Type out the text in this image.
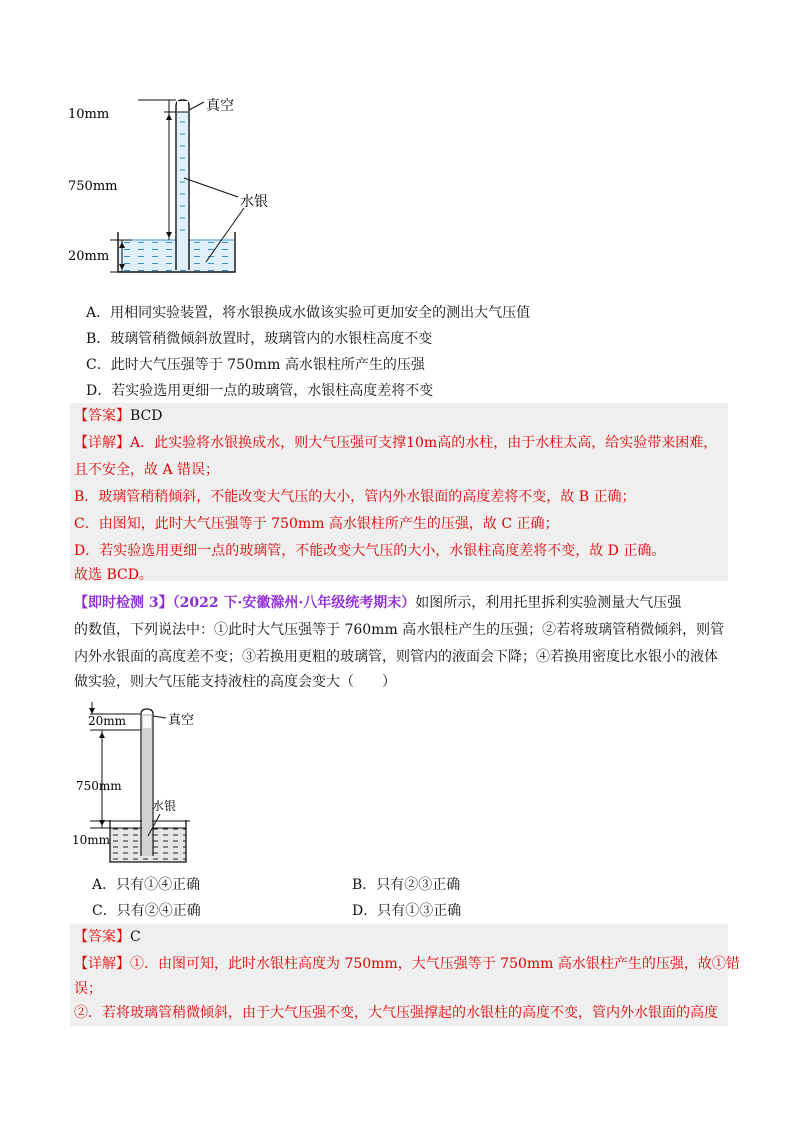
10mm
真空
750mm
水银
20mm
A．用相同实验装置，将水银换成水做该实验可更加安全的测出大气压值
B．玻璃管稍微倾斜放置时，玻璃管内的水银柱高度不变
C．此时大气压强等于 750mm 高水银柱所产生的压强
D．若实验选用更细一点的玻璃管，水银柱高度差将不变
【答案】BCD
【详解】A．此实验将水银换成水，则大气压强可支撑10m高的水柱，由于水柱太高，给实验带来困难，
且不安全，故 A 错误；
B．玻璃管稍稍倾斜，不能改变大气压的大小，管内外水银面的高度差将不变，故 B 正确；
C．由图知，此时大气压强等于 750mm 高水银柱所产生的压强，故 C 正确；
D．若实验选用更细一点的玻璃管，不能改变大气压的大小，水银柱高度差将不变，故 D 正确。
故选 BCD。
【即时检测 3】（2022 下·安徽滁州·八年级统考期末）如图所示，利用托里拆利实验测量大气压强
的数值，下列说法中：①此时大气压强等于 760mm 高水银柱产生的压强；②若将玻璃管稍微倾斜，则管
内外水银面的高度差不变；③若换用更粗的玻璃管，则管内的液面会下降；④若换用密度比水银小的液体
做实验，则大气压能支持液柱的高度会变大（　　）
20mm	真空
750mm
水银
10mm
A．只有①④正确	B．只有②③正确
C．只有②④正确	D．只有①③正确
【答案】C
【详解】①．由图可知，此时水银柱高度为 750mm，大气压强等于 750mm 高水银柱产生的压强，故①错
误；
②．若将玻璃管稍微倾斜，由于大气压强不变，大气压强撑起的水银柱的高度不变，管内外水银面的高度
